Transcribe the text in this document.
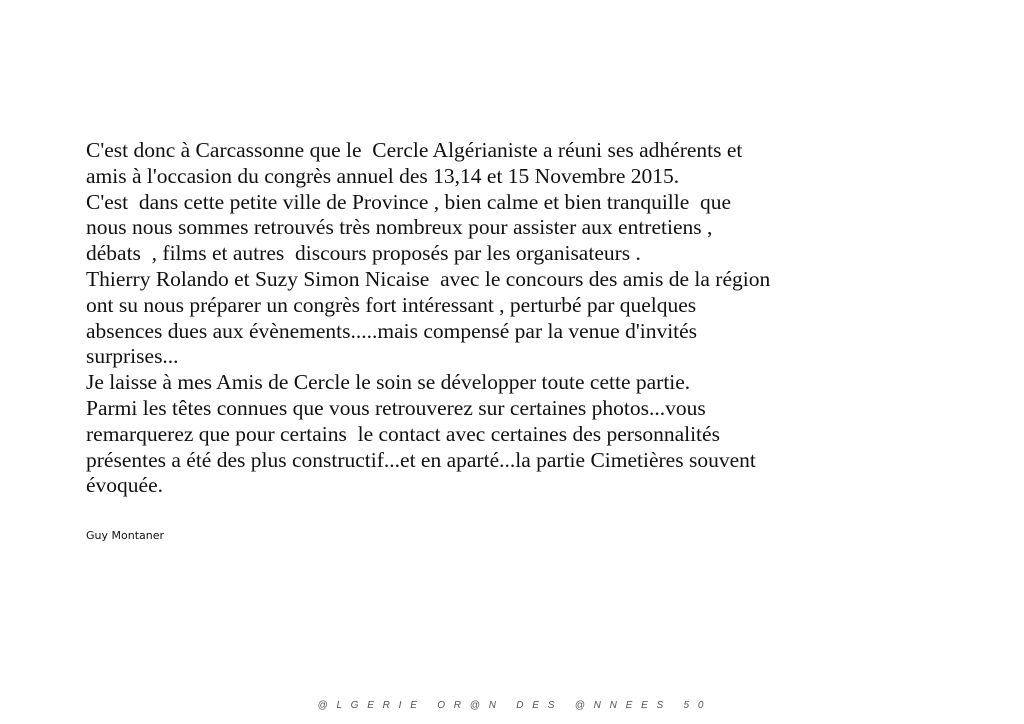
C'est donc à Carcassonne que le  Cercle Algérianiste a réuni ses adhérents et
amis à l'occasion du congrès annuel des 13,14 et 15 Novembre 2015.
C'est  dans cette petite ville de Province , bien calme et bien tranquille  que
nous nous sommes retrouvés très nombreux pour assister aux entretiens ,
débats  , films et autres  discours proposés par les organisateurs .
Thierry Rolando et Suzy Simon Nicaise  avec le concours des amis de la région
ont su nous préparer un congrès fort intéressant , perturbé par quelques
absences dues aux évènements.....mais compensé par la venue d'invités
surprises...
Je laisse à mes Amis de Cercle le soin se développer toute cette partie.
Parmi les têtes connues que vous retrouverez sur certaines photos...vous
remarquerez que pour certains  le contact avec certaines des personnalités
présentes a été des plus constructif...et en aparté...la partie Cimetières souvent
évoquée.
Guy Montaner
@ L G E R I E   O R @ N   D E S   @ N N E E S   5 0
